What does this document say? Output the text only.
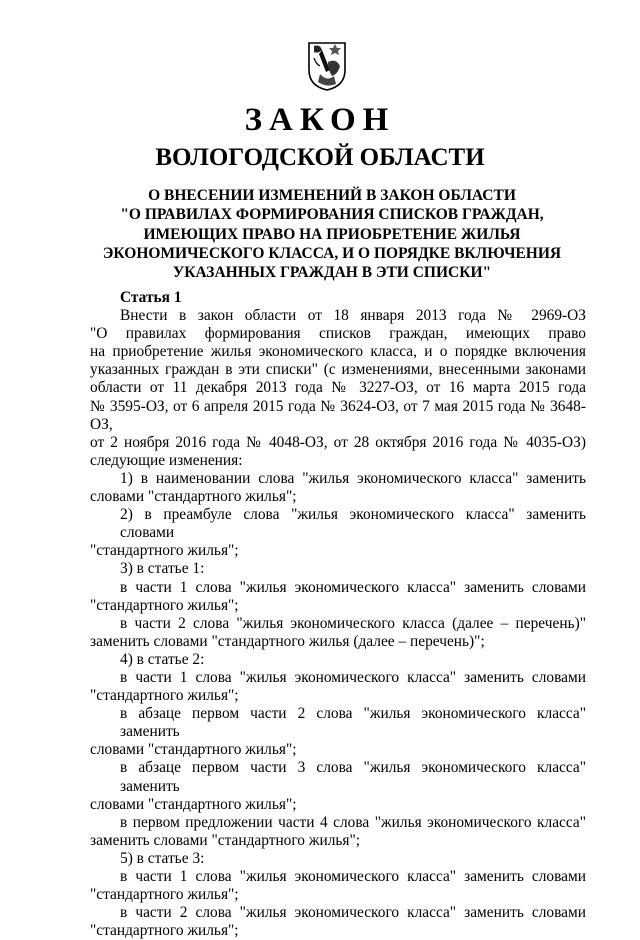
ЗАКОН
ВОЛОГОДСКОЙ ОБЛАСТИ
О ВНЕСЕНИИ ИЗМЕНЕНИЙ В ЗАКОН ОБЛАСТИ
"О ПРАВИЛАХ ФОРМИРОВАНИЯ СПИСКОВ ГРАЖДАН,
ИМЕЮЩИХ ПРАВО НА ПРИОБРЕТЕНИЕ ЖИЛЬЯ
ЭКОНОМИЧЕСКОГО КЛАССА, И О ПОРЯДКЕ ВКЛЮЧЕНИЯ
УКАЗАННЫХ ГРАЖДАН В ЭТИ СПИСКИ"
Статья 1
Внести в закон области от 18 января 2013 года № 2969-ОЗ
"О правилах формирования списков граждан, имеющих право
на приобретение жилья экономического класса, и о порядке включения
указанных граждан в эти списки" (с изменениями, внесенными законами
области от 11 декабря 2013 года № 3227-ОЗ, от 16 марта 2015 года
№ 3595-ОЗ, от 6 апреля 2015 года № 3624-ОЗ, от 7 мая 2015 года № 3648-ОЗ,
от 2 ноября 2016 года № 4048-ОЗ, от 28 октября 2016 года № 4035-ОЗ)
следующие изменения:
1) в наименовании слова "жилья экономического класса" заменить
словами "стандартного жилья";
2) в преамбуле слова "жилья экономического класса" заменить словами
"стандартного жилья";
3) в статье 1:
в части 1 слова "жилья экономического класса" заменить словами
"стандартного жилья";
в части 2 слова "жилья экономического класса (далее – перечень)"
заменить словами "стандартного жилья (далее – перечень)";
4) в статье 2:
в части 1 слова "жилья экономического класса" заменить словами
"стандартного жилья";
в абзаце первом части 2 слова "жилья экономического класса" заменить
словами "стандартного жилья";
в абзаце первом части 3 слова "жилья экономического класса" заменить
словами "стандартного жилья";
в первом предложении части 4 слова "жилья экономического класса"
заменить словами "стандартного жилья";
5) в статье 3:
в части 1 слова "жилья экономического класса" заменить словами
"стандартного жилья";
в части 2 слова "жилья экономического класса" заменить словами
"стандартного жилья";
